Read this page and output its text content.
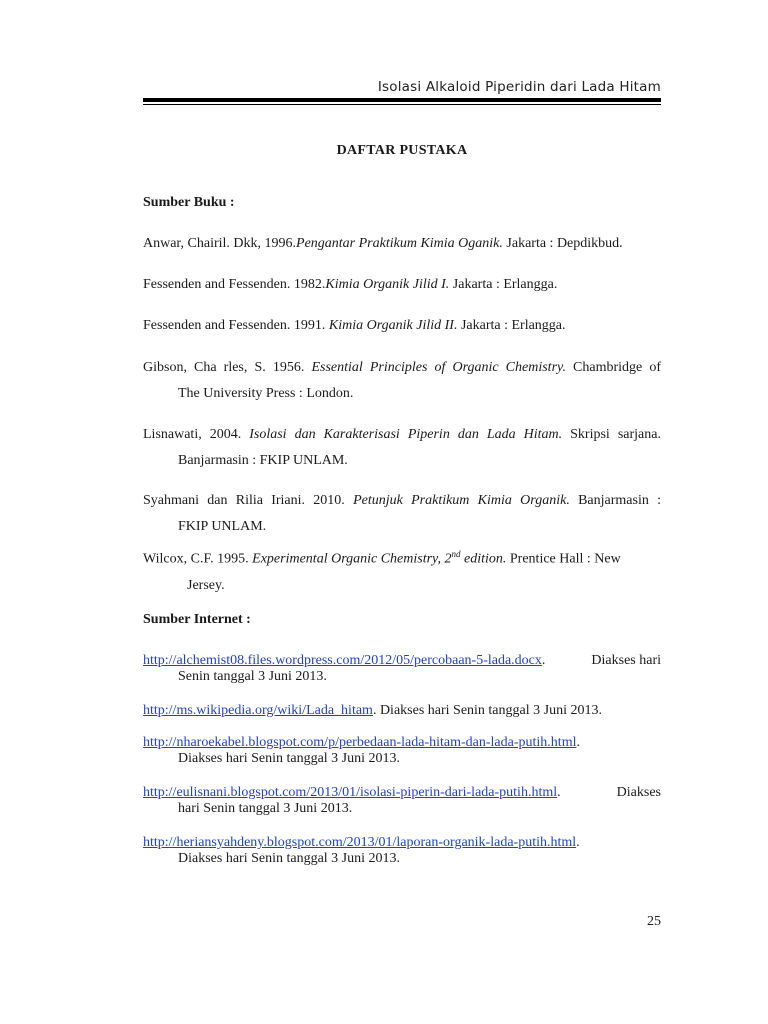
Isolasi Alkaloid Piperidin dari Lada Hitam
DAFTAR PUSTAKA
Sumber Buku :
Anwar, Chairil. Dkk, 1996.Pengantar Praktikum Kimia Oganik. Jakarta : Depdikbud.
Fessenden and Fessenden. 1982.Kimia Organik Jilid I. Jakarta : Erlangga.
Fessenden and Fessenden. 1991. Kimia Organik Jilid II. Jakarta : Erlangga.
Gibson, Cha rles, S. 1956. Essential Principles of Organic Chemistry. Chambridge of
The University Press : London.
Lisnawati, 2004. Isolasi dan Karakterisasi Piperin dan Lada Hitam. Skripsi sarjana.
Banjarmasin : FKIP UNLAM.
Syahmani dan Rilia Iriani. 2010. Petunjuk Praktikum Kimia Organik. Banjarmasin :
FKIP UNLAM.
Wilcox, C.F. 1995. Experimental Organic Chemistry, 2nd edition. Prentice Hall : New
Jersey.
Sumber Internet :
http://alchemist08.files.wordpress.com/2012/05/percobaan-5-lada.docx.	Diakses hari
Senin tanggal 3 Juni 2013.
http://ms.wikipedia.org/wiki/Lada_hitam . Diakses hari Senin tanggal 3 Juni 2013.
http://nharoekabel.blogspot.com/p/perbedaan-lada-hitam-dan-lada-putih.html .
Diakses hari Senin tanggal 3 Juni 2013.
http://eulisnani.blogspot.com/2013/01/isolasi-piperin-dari-lada-putih.html.	Diakses
hari Senin tanggal 3 Juni 2013.
http://heriansyahdeny.blogspot.com/2013/01/laporan-organik-lada-putih.html .
Diakses hari Senin tanggal 3 Juni 2013.
25
